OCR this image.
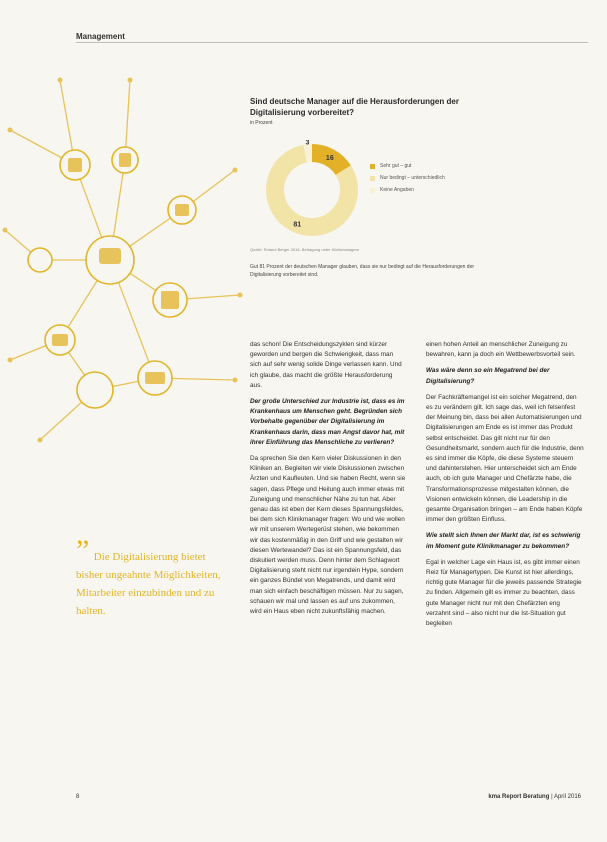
Management
Sind deutsche Manager auf die Herausforderungen der Digitalisierung vorbereitet?
in Prozent
16
81
3
Sehr gut – gut
Nur bedingt – unterschiedlich
Keine Angaben
Quelle: Roland Berger 2016, Befragung unter Klinikmanagern
Gut 81 Prozent der deutschen Manager glauben, dass sie nur bedingt auf die Herausforderungen der Digitalisierung vorbereitet sind.

das schon! Die Entscheidungszyklen sind kürzer geworden und bergen die Schwierigkeit, dass man sich auf sehr wenig solide Dinge verlassen kann. Und ich glaube, das macht die größte Herausforderung aus.

Der große Unterschied zur Industrie ist, dass es im Krankenhaus um Menschen geht. Begründen sich Vorbehalte gegenüber der Digitalisierung im Krankenhaus darin, dass man Angst davor hat, mit ihrer Einführung das Menschliche zu verlieren?

Da sprechen Sie den Kern vieler Diskussionen in den Kliniken an. Begleiten wir viele Diskussionen zwischen Ärzten und Kaufleuten. Und sie haben Recht, wenn sie sagen, dass Pflege und Heilung auch immer etwas mit Zuneigung und menschlicher Nähe zu tun hat. Aber genau das ist eben der Kern dieses Spannungsfeldes, bei dem sich Klinikmanager fragen: Wo und wie wollen wir mit unserem Wertegerüst stehen, wie bekommen wir das kostenmäßig in den Griff und wie gestalten wir diesen Wertewandel? Das ist ein Spannungsfeld, das diskutiert werden muss. Denn hinter dem Schlagwort Digitalisierung steht nicht nur irgendein Hype, sondern ein ganzes Bündel von Megatrends, und damit wird man sich einfach beschäftigen müssen. Nur zu sagen, schauen wir mal und lassen es auf uns zukommen, wird ein Haus eben nicht zukunftsfähig machen.

einen hohen Anteil an menschlicher Zuneigung zu bewahren, kann ja doch ein Wettbewerbsvorteil sein.

Was wäre denn so ein Megatrend bei der Digitalisierung?

Der Fachkräftemangel ist ein solcher Megatrend, den es zu verändern gilt. Ich sage das, weil ich felsenfest der Meinung bin, dass bei allen Automatisierungen und Digitalisierungen am Ende es ist immer das Produkt selbst entscheidet. Das gilt nicht nur für den Gesundheitsmarkt, sondern auch für die Industrie, denn es sind immer die Köpfe, die diese Systeme steuern und dahinterstehen. Hier unterscheidet sich am Ende auch, ob ich gute Manager und Chefärzte habe, die Transformationsprozesse mitgestalten können, die Visionen entwickeln können, die Leadership in die gesamte Organisation bringen – am Ende haben Köpfe immer den größten Einfluss.

Wie stellt sich Ihnen der Markt dar, ist es schwierig im Moment gute Klinikmanager zu bekommen?

Egal in welcher Lage ein Haus ist, es gibt immer einen Reiz für Managertypen. Die Kunst ist hier allerdings, richtig gute Manager für die jeweils passende Strategie zu finden. Allgemein gilt es immer zu beachten, dass gute Manager nicht nur mit den Chefärzten eng verzahnt sind – also nicht nur die Ist-Situation gut begleiten

” Die Digitalisierung bietet bisher ungeahnte Möglichkeiten, Mitarbeiter einzubinden und zu halten.
8	kma Report Beratung | April 2016
